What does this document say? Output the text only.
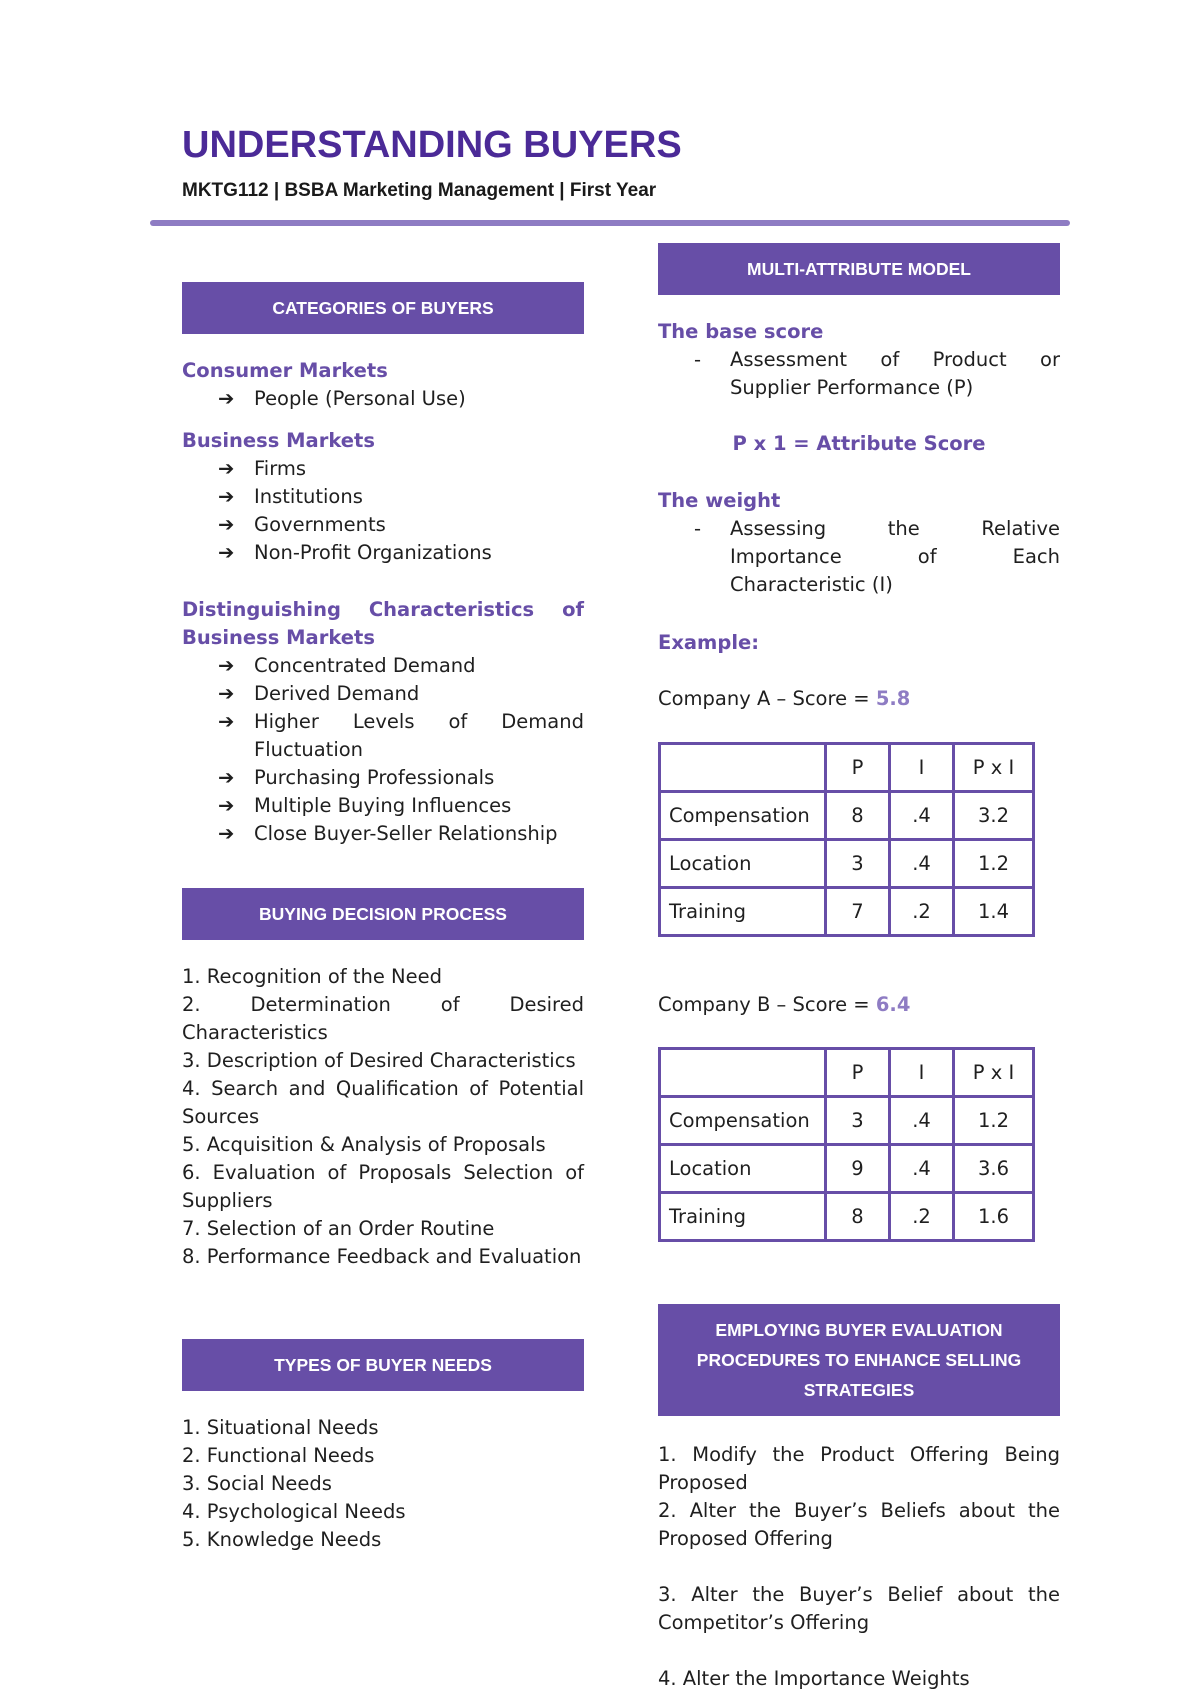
UNDERSTANDING BUYERS
MKTG112 | BSBA Marketing Management | First Year
CATEGORIES OF BUYERS
Consumer Markets
➔ People (Personal Use)
Business Markets
➔ Firms
➔ Institutions
➔ Governments
➔ Non-Profit Organizations
Distinguishing Characteristics of Business Markets
➔ Concentrated Demand
➔ Derived Demand
➔ Higher Levels of Demand Fluctuation
➔ Purchasing Professionals
➔ Multiple Buying Influences
➔ Close Buyer-Seller Relationship
BUYING DECISION PROCESS
1. Recognition of the Need
2. Determination of Desired Characteristics
3. Description of Desired Characteristics
4. Search and Qualification of Potential Sources
5. Acquisition & Analysis of Proposals
6. Evaluation of Proposals Selection of Suppliers
7. Selection of an Order Routine
8. Performance Feedback and Evaluation
TYPES OF BUYER NEEDS
1. Situational Needs
2. Functional Needs
3. Social Needs
4. Psychological Needs
5. Knowledge Needs
MULTI-ATTRIBUTE MODEL
The base score
- Assessment of Product or Supplier Performance (P)
P x 1 = Attribute Score
The weight
- Assessing the Relative Importance of Each Characteristic (I)
Example:
Company A – Score = 5.8
	P	I	P x I
Compensation	8	.4	3.2
Location	3	.4	1.2
Training	7	.2	1.4
Company B – Score = 6.4
	P	I	P x I
Compensation	3	.4	1.2
Location	9	.4	3.6
Training	8	.2	1.6
EMPLOYING BUYER EVALUATION PROCEDURES TO ENHANCE SELLING STRATEGIES
1. Modify the Product Offering Being Proposed
2. Alter the Buyer’s Beliefs about the Proposed Offering
3. Alter the Buyer’s Belief about the Competitor’s Offering
4. Alter the Importance Weights
